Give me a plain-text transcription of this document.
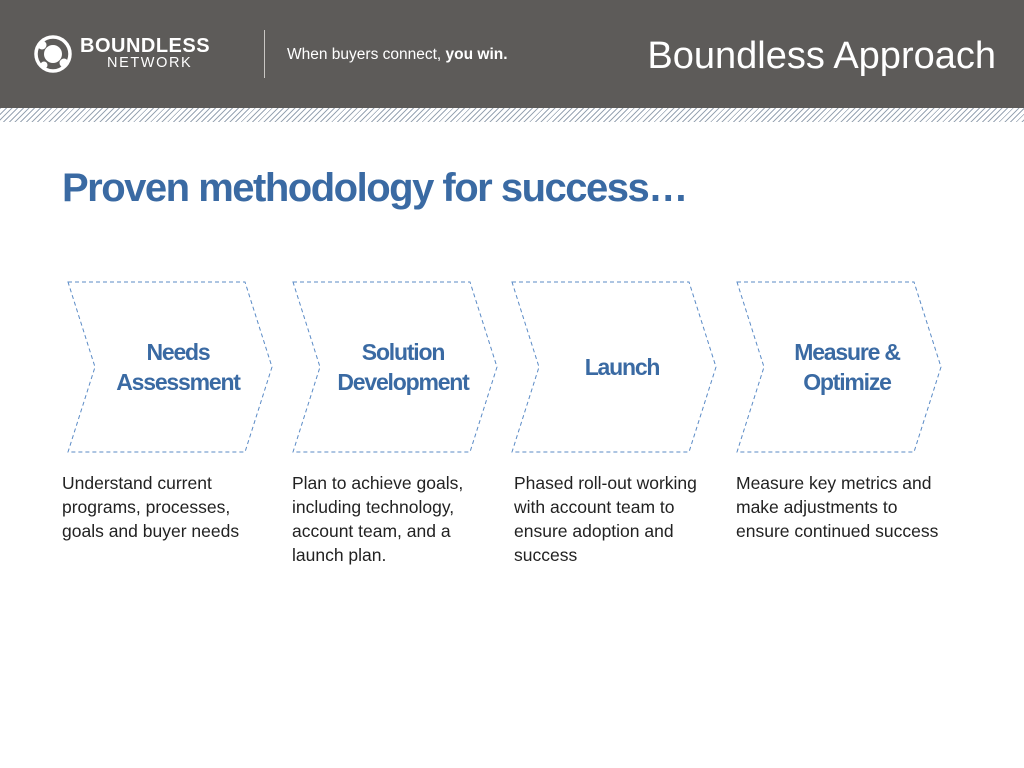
BOUNDLESS
NETWORK	When buyers connect, you win.	Boundless Approach
Proven methodology for success…
Needs
Assessment
Understand current programs, processes, goals and buyer needs
Solution
Development
Plan to achieve goals, including technology, account team, and a launch plan.
Launch
Phased roll-out working with account team to ensure adoption and success
Measure &
Optimize
Measure key metrics and make adjustments to ensure continued success
